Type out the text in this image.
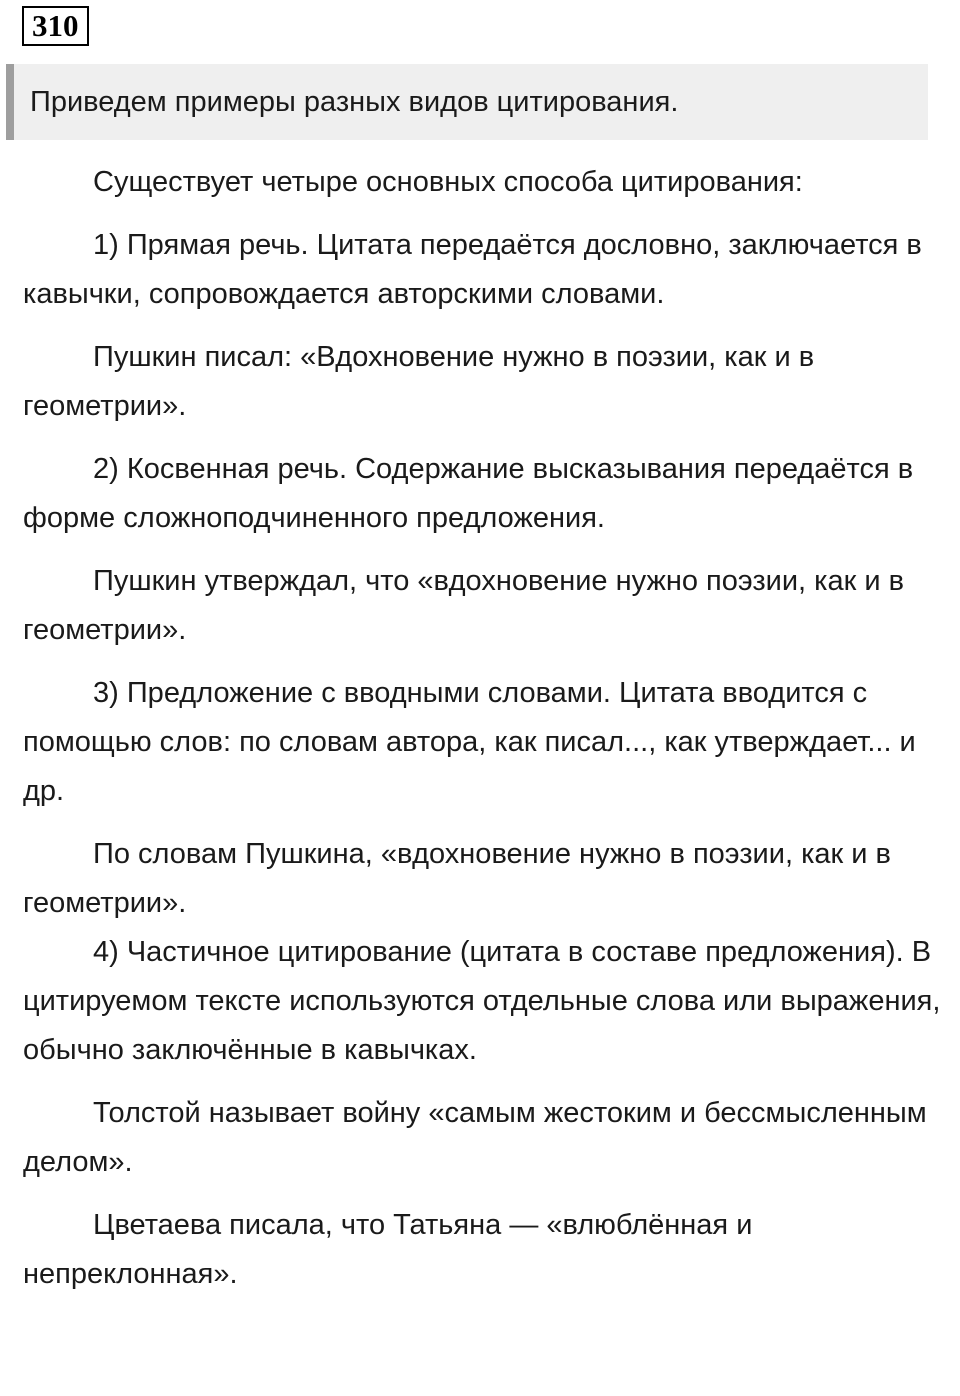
310
Приведем примеры разных видов цитирования.

Существует четыре основных способа цитирования:

1) Прямая речь. Цитата передаётся дословно, заключается в кавычки, сопровождается авторскими словами.

Пушкин писал: «Вдохновение нужно в поэзии, как и в геометрии».

2) Косвенная речь. Содержание высказывания передаётся в форме сложноподчиненного предложения.

Пушкин утверждал, что «вдохновение нужно поэзии, как и в геометрии».

3) Предложение с вводными словами. Цитата вводится с помощью слов: по словам автора, как писал..., как утверждает... и др.

По словам Пушкина, «вдохновение нужно в поэзии, как и в геометрии».

4) Частичное цитирование (цитата в составе предложения). В цитируемом тексте используются отдельные слова или выражения, обычно заключённые в кавычках.

Толстой называет войну «самым жестоким и бессмысленным делом».

Цветаева писала, что Татьяна — «влюблённая и непреклонная».
